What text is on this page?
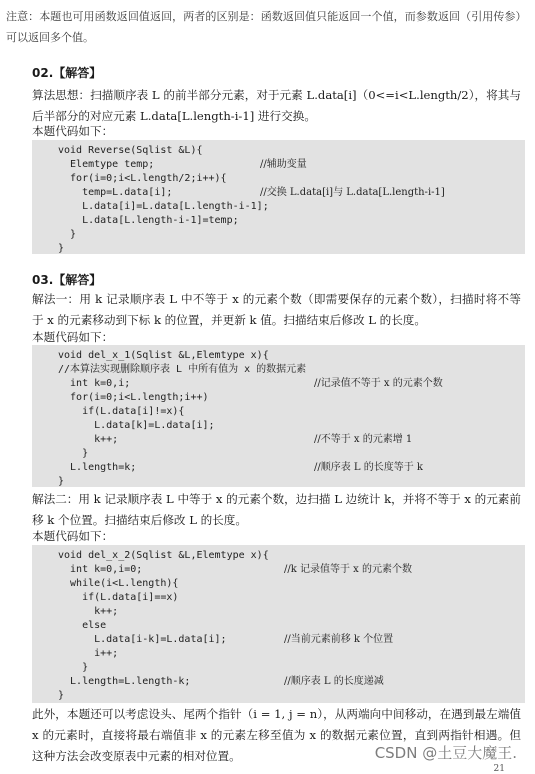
注意：本题也可用函数返回值返回，两者的区别是：函数返回值只能返回一个值，而参数返回（引用传参）可以返回多个值。
02.【解答】
算法思想：扫描顺序表 L 的前半部分元素，对于元素 L.data[i]（0<=i<L.length/2），将其与后半部分的对应元素 L.data[L.length-i-1] 进行交换。
本题代码如下：
void Reverse(Sqlist &L){
Elemtype temp;	//辅助变量
for(i=0;i<L.length/2;i++){
temp=L.data[i];	//交换 L.data[i]与 L.data[L.length-i-1]
L.data[i]=L.data[L.length-i-1];
L.data[L.length-i-1]=temp;
}
}
03.【解答】
解法一：用 k 记录顺序表 L 中不等于 x 的元素个数（即需要保存的元素个数），扫描时将不等于 x 的元素移动到下标 k 的位置，并更新 k 值。扫描结束后修改 L 的长度。
本题代码如下：
void del_x_1(Sqlist &L,Elemtype x){
//本算法实现删除顺序表 L 中所有值为 x 的数据元素
int k=0,i;	//记录值不等于 x 的元素个数
for(i=0;i<L.length;i++)
if(L.data[i]!=x){
L.data[k]=L.data[i];
k++;	//不等于 x 的元素增 1
}
L.length=k;	//顺序表 L 的长度等于 k
}
解法二：用 k 记录顺序表 L 中等于 x 的元素个数，边扫描 L 边统计 k，并将不等于 x 的元素前移 k 个位置。扫描结束后修改 L 的长度。
本题代码如下：
void del_x_2(Sqlist &L,Elemtype x){
int k=0,i=0;	//k 记录值等于 x 的元素个数
while(i<L.length){
if(L.data[i]==x)
k++;
else
L.data[i-k]=L.data[i];	//当前元素前移 k 个位置
i++;
}
L.length=L.length-k;	//顺序表 L 的长度递减
}
此外，本题还可以考虑设头、尾两个指针（i = 1, j = n），从两端向中间移动，在遇到最左端值 x 的元素时，直接将最右端值非 x 的元素左移至值为 x 的数据元素位置，直到两指针相遇。但这种方法会改变原表中元素的相对位置。	CSDN @土豆大魔王.
21
